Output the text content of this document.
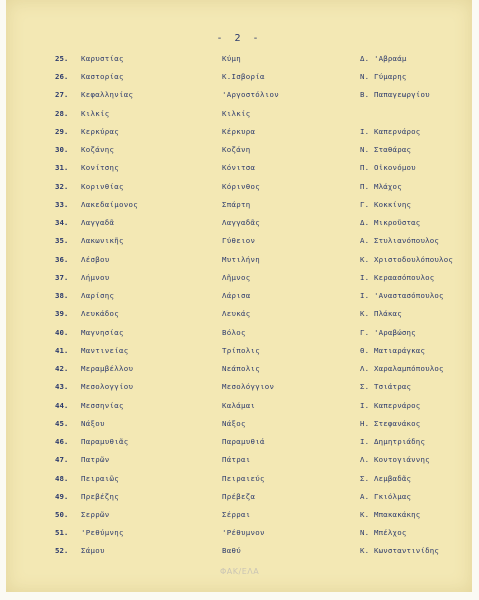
- 2 -
25.	Καρυστίας	Κύμη	Δ. 'Αβραάμ
26.	Καστορίας	Κ.Ισβορία	Ν. Γύμαρης
27.	Κεφαλληνίας	'Αργοστόλιον	Β. Παπαγεωργίου
28.	Κιλκίς	Κιλκίς
29.	Κερκύρας	Κέρκυρα	Ι. Καπερνάρος
30.	Κοζάνης	Κοζάνη	Ν. Σταθάρας
31.	Κονίτσης	Κόνιτσα	Π. Οἰκονόμου
32.	Κορινθίας	Κόρινθος	Π. Μλάχος
33.	Λακεδαίμονος	Σπάρτη	Γ. Κοκκίνης
34.	Λαγγαδᾶ	Λαγγαδᾶς	Δ. Μικροῦστας
35.	Λακωνικῆς	Γύθειον	Α. Στυλιανόπουλος
36.	Λέσβου	Μυτιλήνη	Κ. Χριστοδουλόπουλος
37.	Λήμνου	Λῆμνος	Ι. Κεραασόπουλος
38.	Λαρίσης	Λάρισα	Ι. 'Αναστασόπουλος
39.	Λευκάδος	Λευκάς	Κ. Πλάκας
40.	Μαγνησίας	Βόλος	Γ. 'Αραβώσης
41.	Μαντινείας	Τρίπολις	Θ. Ματιαράγκας
42.	Μεραμβέλλου	Νεάπολις	Λ. Χαραλαμπόπουλος
43.	Μεσολογγίου	Μεσολόγγιον	Σ. Τσιάτρας
44.	Μεσσηνίας	Καλάμαι	Ι. Καπερνάρος
45.	Νάξου	Νάξος	Η. Στεφανάκος
46.	Παραμυθιᾶς	Παραμυθιά	Ι. Δημητριάδης
47.	Πατρῶν	Πάτραι	Λ. Κοντογιάννης
48.	Πειραιῶς	Πειραιεύς	Σ. Λεμβαδᾶς
49.	Πρεβέζης	Πρέβεζα	Α. Γκιόλμας
50.	Σερρῶν	Σέρραι	Κ. Μπακακάκης
51.	'Ρεθύμνης	'Ρέθυμνον	Ν. Μπέλχος
52.	Σάμου	Βαθύ	Κ. Κωνσταντινίδης
ΦΑΚ/ΕΛΑ
